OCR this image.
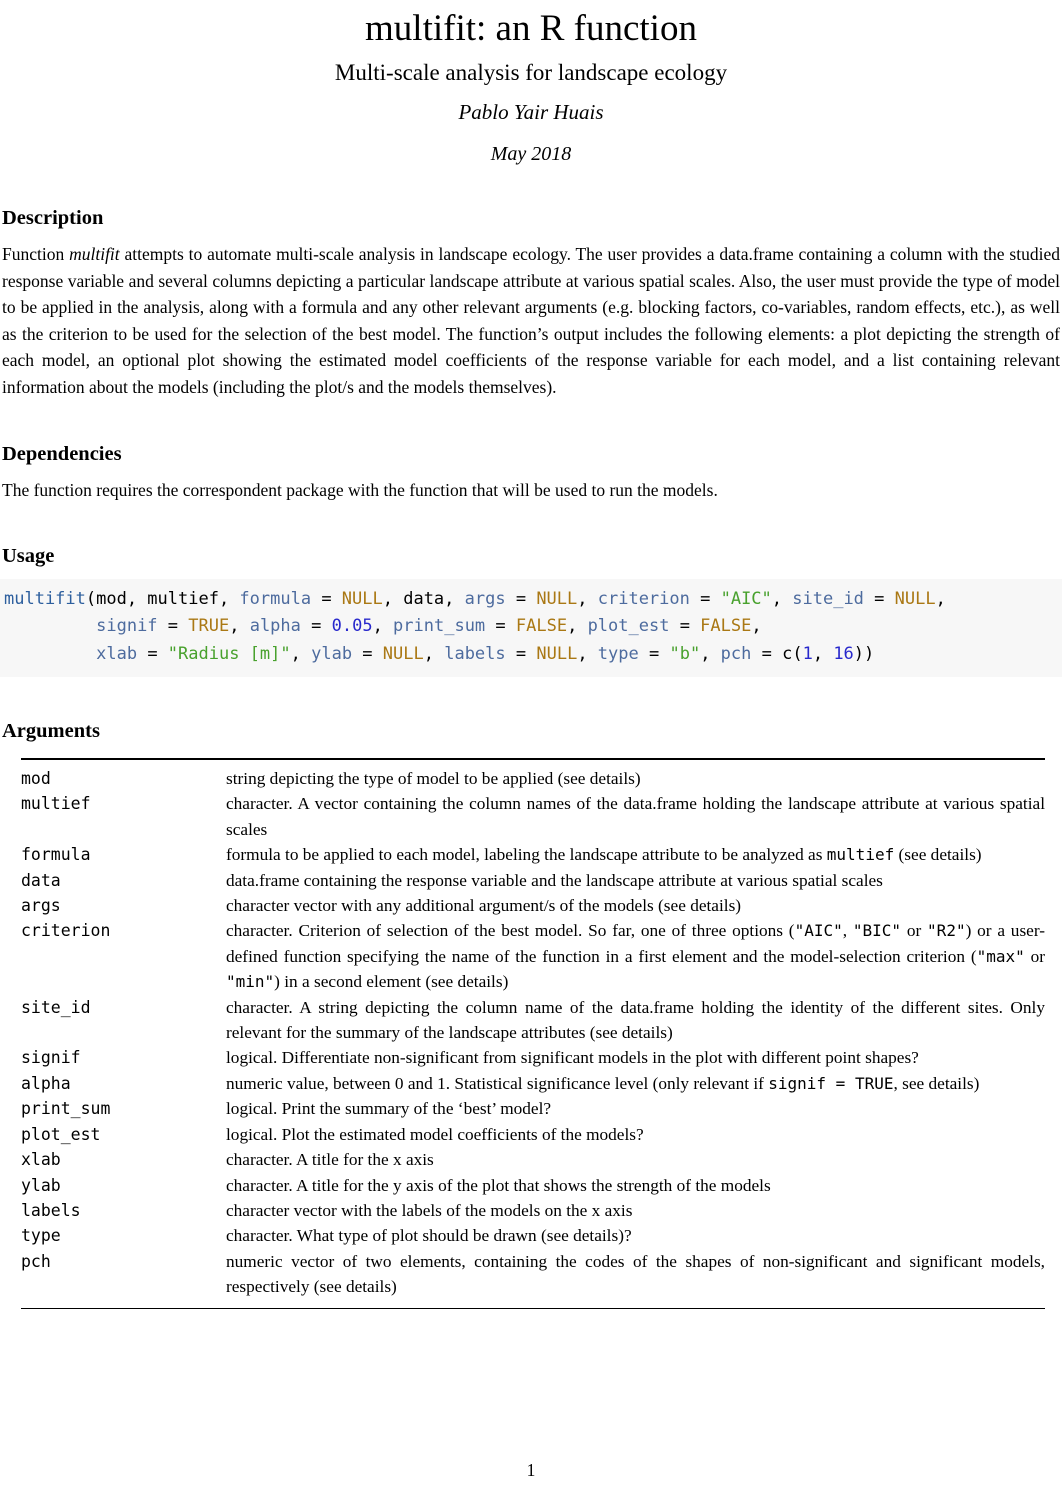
multifit: an R function
Multi-scale analysis for landscape ecology
Pablo Yair Huais
May 2018
Description

Function multifit attempts to automate multi-scale analysis in landscape ecology. The user provides a data.frame containing a column with the studied response variable and several columns depicting a particular landscape attribute at various spatial scales. Also, the user must provide the type of model to be applied in the analysis, along with a formula and any other relevant arguments (e.g. blocking factors, co-variables, random effects, etc.), as well as the criterion to be used for the selection of the best model. The function’s output includes the following elements: a plot depicting the strength of each model, an optional plot showing the estimated model coefficients of the response variable for each model, and a list containing relevant information about the models (including the plot/s and the models themselves).

Dependencies

The function requires the correspondent package with the function that will be used to run the models.

Usage
multifit(mod, multief, formula = NULL, data, args = NULL, criterion = "AIC", site_id = NULL,
signif = TRUE, alpha = 0.05, print_sum = FALSE, plot_est = FALSE,
xlab = "Radius [m]", ylab = NULL, labels = NULL, type = "b", pch = c(1, 16))
Arguments
mod	string depicting the type of model to be applied (see details)
multief	character. A vector containing the column names of the data.frame holding the landscape attribute at various spatial scales
formula	formula to be applied to each model, labeling the landscape attribute to be analyzed as multief (see details)
data	data.frame containing the response variable and the landscape attribute at various spatial scales
args	character vector with any additional argument/s of the models (see details)
criterion	character. Criterion of selection of the best model. So far, one of three options ("AIC", "BIC" or "R2") or a user-defined function specifying the name of the function in a first element and the model-selection criterion ("max" or "min") in a second element (see details)
site_id	character. A string depicting the column name of the data.frame holding the identity of the different sites. Only relevant for the summary of the landscape attributes (see details)
signif	logical. Differentiate non-significant from significant models in the plot with different point shapes?
alpha	numeric value, between 0 and 1. Statistical significance level (only relevant if signif = TRUE, see details)
print_sum	logical. Print the summary of the ‘best’ model?
plot_est	logical. Plot the estimated model coefficients of the models?
xlab	character. A title for the x axis
ylab	character. A title for the y axis of the plot that shows the strength of the models
labels	character vector with the labels of the models on the x axis
type	character. What type of plot should be drawn (see details)?
pch	numeric vector of two elements, containing the codes of the shapes of non-significant and significant models, respectively (see details)
1
